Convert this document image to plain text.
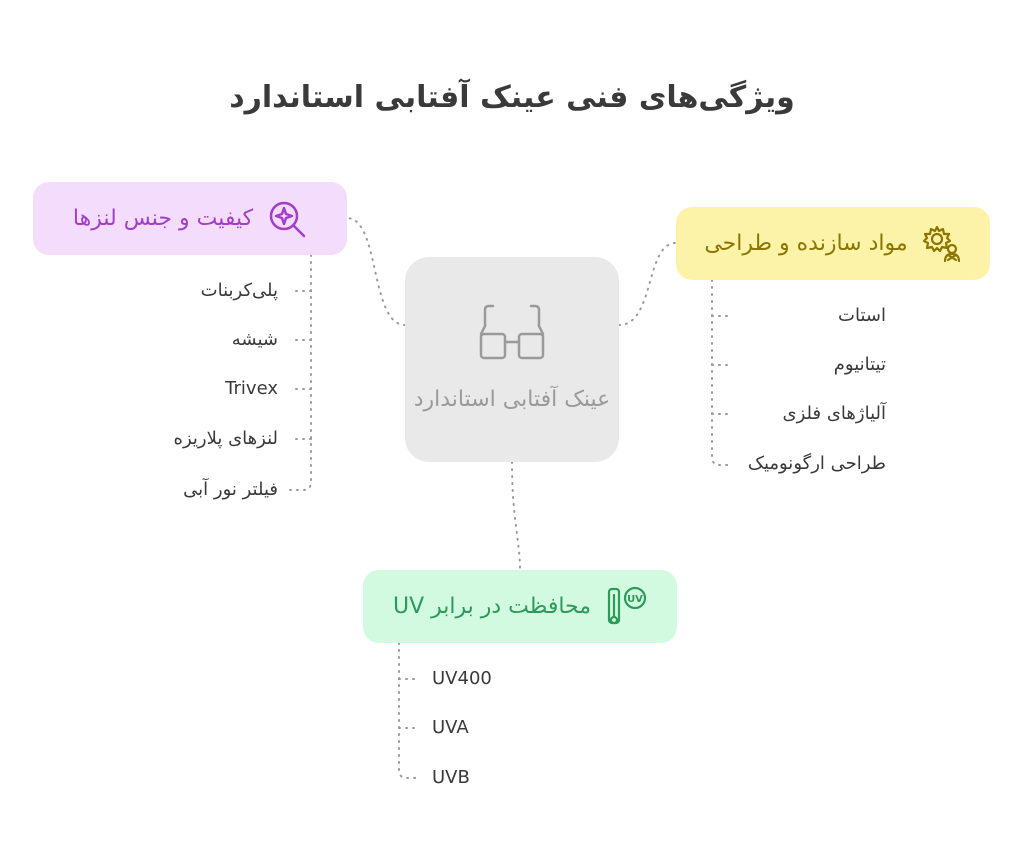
ویژگی‌های فنی عینک آفتابی استاندارد
عینک آفتابی استاندارد
کیفیت و جنس لنزها
مواد سازنده و طراحی
UV
محافظت در برابر UV
پلی‌کربنات
شیشه
Trivex
لنزهای پلاریزه
فیلتر نور آبی
استات
تیتانیوم
آلیاژهای فلزی
طراحی ارگونومیک
UV400
UVA
UVB
